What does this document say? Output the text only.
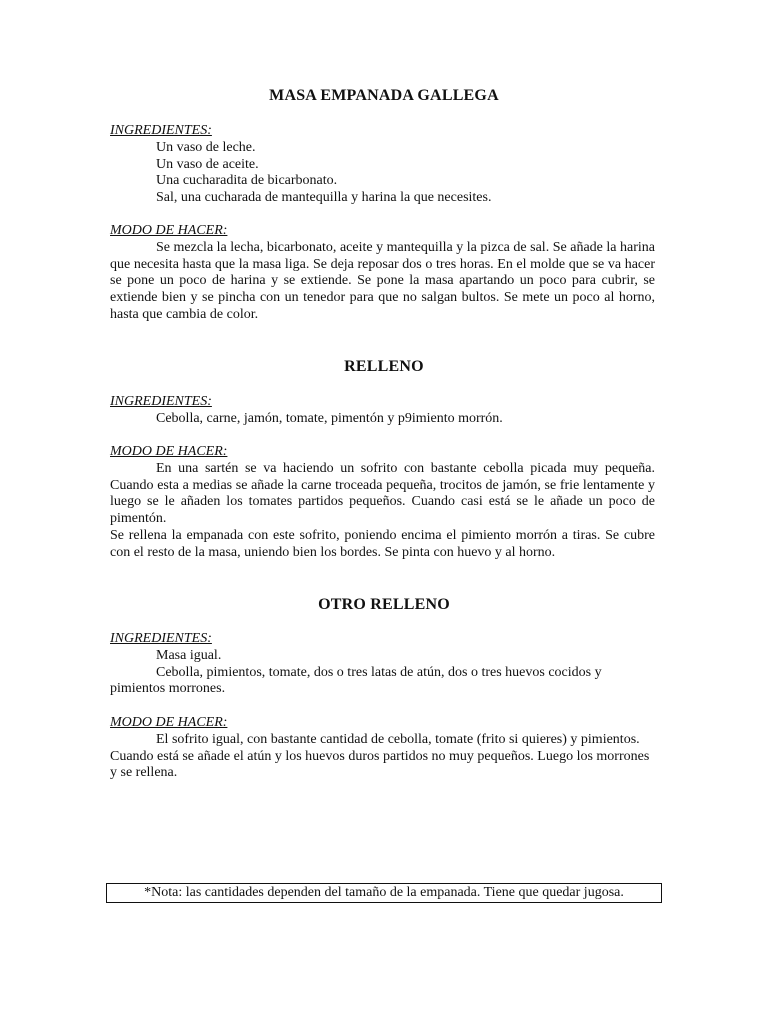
MASA EMPANADA GALLEGA
INGREDIENTES:
Un vaso de leche.
Un vaso de aceite.
Una cucharadita de bicarbonato.
Sal, una cucharada de mantequilla y harina la que necesites.
MODO DE HACER:
Se mezcla la lecha, bicarbonato, aceite y mantequilla y la pizca de sal. Se añade la harina que necesita hasta que la masa liga. Se deja reposar dos o tres horas. En el molde que se va hacer se pone un poco de harina y se extiende. Se pone la masa apartando un poco para cubrir, se extiende bien y se pincha con un tenedor para que no salgan bultos. Se mete un poco al horno, hasta que cambia de color.
RELLENO
INGREDIENTES:
Cebolla, carne, jamón, tomate, pimentón y p9imiento morrón.
MODO DE HACER:
En una sartén se va haciendo un sofrito con bastante cebolla picada muy pequeña. Cuando esta a medias se añade la carne troceada pequeña, trocitos de jamón, se frie lentamente y luego se le añaden los tomates partidos pequeños. Cuando casi está se le añade un poco de pimentón.
Se rellena la empanada con este sofrito, poniendo encima el pimiento morrón a tiras. Se cubre con el resto de la masa, uniendo bien los bordes. Se pinta con huevo y al horno.
OTRO RELLENO
INGREDIENTES:
Masa igual.
Cebolla, pimientos, tomate, dos o tres latas de atún, dos o tres huevos cocidos y pimientos morrones.
MODO DE HACER:
El sofrito igual, con bastante cantidad de cebolla, tomate (frito si quieres) y pimientos. Cuando está se añade el atún y los huevos duros partidos no muy pequeños. Luego los morrones y se rellena.
*Nota: las cantidades dependen del tamaño de la empanada. Tiene que quedar jugosa.
